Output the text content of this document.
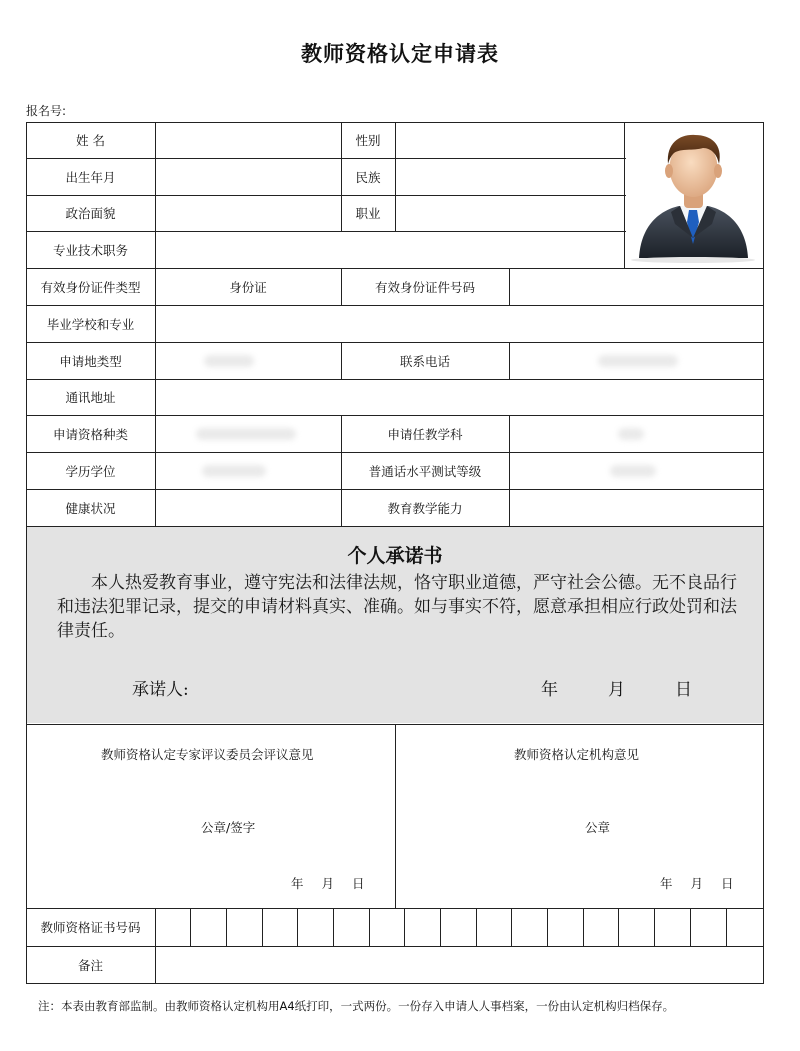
教师资格认定申请表
报名号:
姓 名	性别
出生年月	民族
政治面貌	职业
专业技术职务
有效身份证件类型	身份证	有效身份证件号码
毕业学校和专业
申请地类型	联系电话
通讯地址
申请资格种类	申请任教学科
学历学位	普通话水平测试等级
健康状况	教育教学能力
个人承诺书
本人热爱教育事业，遵守宪法和法律法规，恪守职业道德，严守社会公德。无不良品行和违法犯罪记录，提交的申请材料真实、准确。如与事实不符，愿意承担相应行政处罚和法律责任。
承诺人:	年	月	日
教师资格认定专家评议委员会评议意见
公章/签字
年 月 日
教师资格认定机构意见
公章
年 月 日
教师资格证书号码
备注
注：本表由教育部监制。由教师资格认定机构用A4纸打印，一式两份。一份存入申请人人事档案，一份由认定机构归档保存。
